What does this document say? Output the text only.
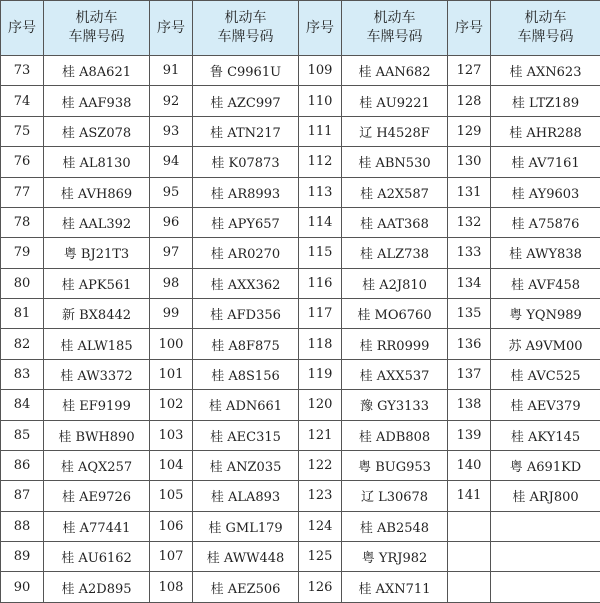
序号	机动车
车牌号码	序号	机动车
车牌号码	序号	机动车
车牌号码	序号	机动车
车牌号码
73	桂 A8A621	91	鲁 C9961U	109	桂 AAN682	127	桂 AXN623
74	桂 AAF938	92	桂 AZC997	110	桂 AU9221	128	桂 LTZ189
75	桂 ASZ078	93	桂 ATN217	111	辽 H4528F	129	桂 AHR288
76	桂 AL8130	94	桂 K07873	112	桂 ABN530	130	桂 AV7161
77	桂 AVH869	95	桂 AR8993	113	桂 A2X587	131	桂 AY9603
78	桂 AAL392	96	桂 APY657	114	桂 AAT368	132	桂 A75876
79	粤 BJ21T3	97	桂 AR0270	115	桂 ALZ738	133	桂 AWY838
80	桂 APK561	98	桂 AXX362	116	桂 A2J810	134	桂 AVF458
81	新 BX8442	99	桂 AFD356	117	桂 MO6760	135	粤 YQN989
82	桂 ALW185	100	桂 A8F875	118	桂 RR0999	136	苏 A9VM00
83	桂 AW3372	101	桂 A8S156	119	桂 AXX537	137	桂 AVC525
84	桂 EF9199	102	桂 ADN661	120	豫 GY3133	138	桂 AEV379
85	桂 BWH890	103	桂 AEC315	121	桂 ADB808	139	桂 AKY145
86	桂 AQX257	104	桂 ANZ035	122	粤 BUG953	140	粤 A691KD
87	桂 AE9726	105	桂 ALA893	123	辽 L30678	141	桂 ARJ800
88	桂 A77441	106	桂 GML179	124	桂 AB2548		
89	桂 AU6162	107	桂 AWW448	125	粤 YRJ982		
90	桂 A2D895	108	桂 AEZ506	126	桂 AXN711		
